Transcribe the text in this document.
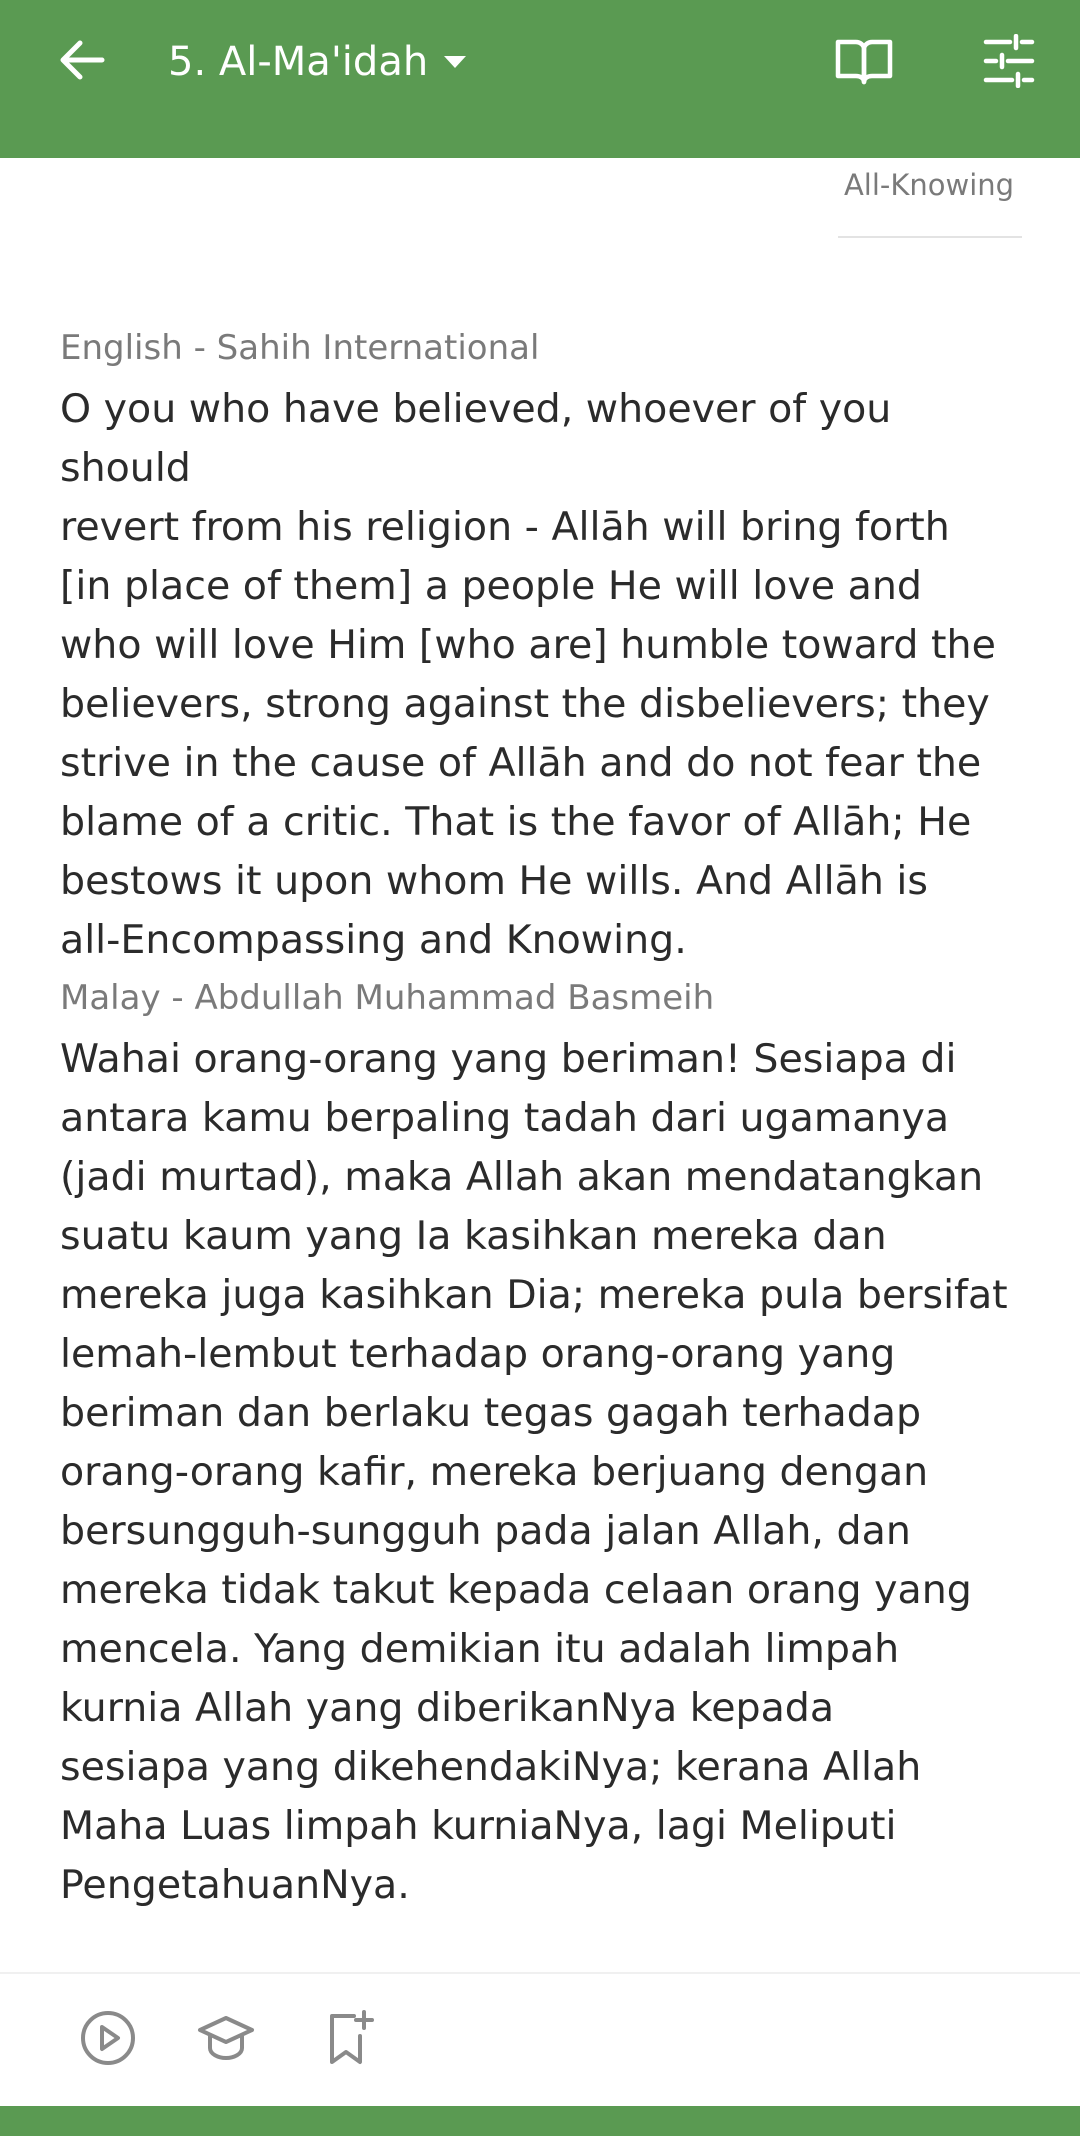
5. Al-Ma'idah
All-Knowing
English - Sahih International

O you who have believed, whoever of you should
revert from his religion - Allāh will bring forth
[in place of them] a people He will love and
who will love Him [who are] humble toward the
believers, strong against the disbelievers; they
strive in the cause of Allāh and do not fear the
blame of a critic. That is the favor of Allāh; He
bestows it upon whom He wills. And Allāh is
all-Encompassing and Knowing.

Malay - Abdullah Muhammad Basmeih

Wahai orang-orang yang beriman! Sesiapa di
antara kamu berpaling tadah dari ugamanya
(jadi murtad), maka Allah akan mendatangkan
suatu kaum yang Ia kasihkan mereka dan
mereka juga kasihkan Dia; mereka pula bersifat
lemah-lembut terhadap orang-orang yang
beriman dan berlaku tegas gagah terhadap
orang-orang kafir, mereka berjuang dengan
bersungguh-sungguh pada jalan Allah, dan
mereka tidak takut kepada celaan orang yang
mencela. Yang demikian itu adalah limpah
kurnia Allah yang diberikanNya kepada
sesiapa yang dikehendakiNya; kerana Allah
Maha Luas limpah kurniaNya, lagi Meliputi
PengetahuanNya.
